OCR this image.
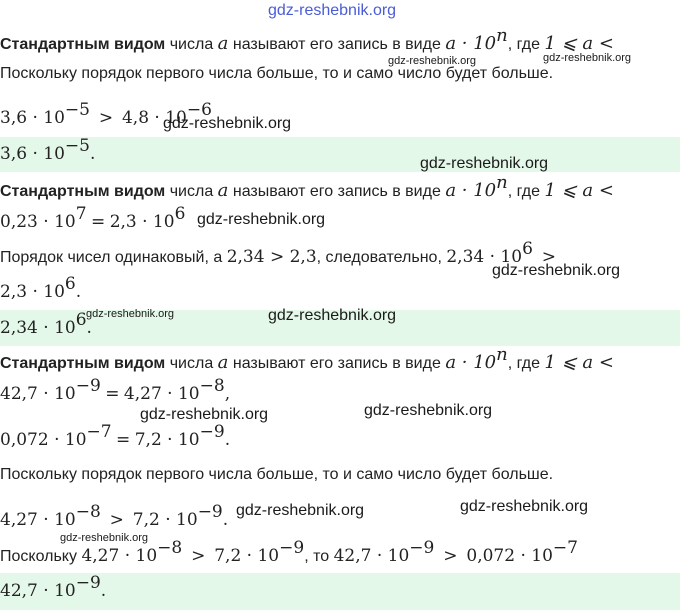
gdz-reshebnik.org
Стандартным видом числа a называют его запись в виде $a \cdot 10^n$, где 1 ⩽ a <
Поскольку порядок первого числа больше, то и само число будет больше.
$3,6 \cdot 10^{-5} > 4,8 \cdot 10^{-6}$
$3,6 \cdot 10^{-5}$.
Стандартным видом числа a называют его запись в виде $a \cdot 10^n$, где 1 ⩽ a <
$0,23 \cdot 10^7 = 2,3 \cdot 10^6$
Порядок чисел одинаковый, а 2,34 > 2,3, следовательно, $2,34 \cdot 10^6$ >
$2,3 \cdot 10^6$.
$2,34 \cdot 10^6$.
Стандартным видом числа a называют его запись в виде $a \cdot 10^n$, где 1 ⩽ a <
$42,7 \cdot 10^{-9} = 4,27 \cdot 10^{-8}$,
$0,072 \cdot 10^{-7} = 7,2 \cdot 10^{-9}$.
Поскольку порядок первого числа больше, то и само число будет больше.
$4,27 \cdot 10^{-8} > 7,2 \cdot 10^{-9}$.
Поскольку $4,27 \cdot 10^{-8} > 7,2 \cdot 10^{-9}$, то $42,7 \cdot 10^{-9} > 0,072 \cdot 10^{-7}$
$42,7 \cdot 10^{-9}$.
gdz-reshebnik.org	gdz-reshebnik.org
gdz-reshebnik.org
gdz-reshebnik.org
gdz-reshebnik.org
gdz-reshebnik.org
gdz-reshebnik.org	gdz-reshebnik.org
gdz-reshebnik.org	gdz-reshebnik.org
gdz-reshebnik.org	gdz-reshebnik.org
gdz-reshebnik.org
